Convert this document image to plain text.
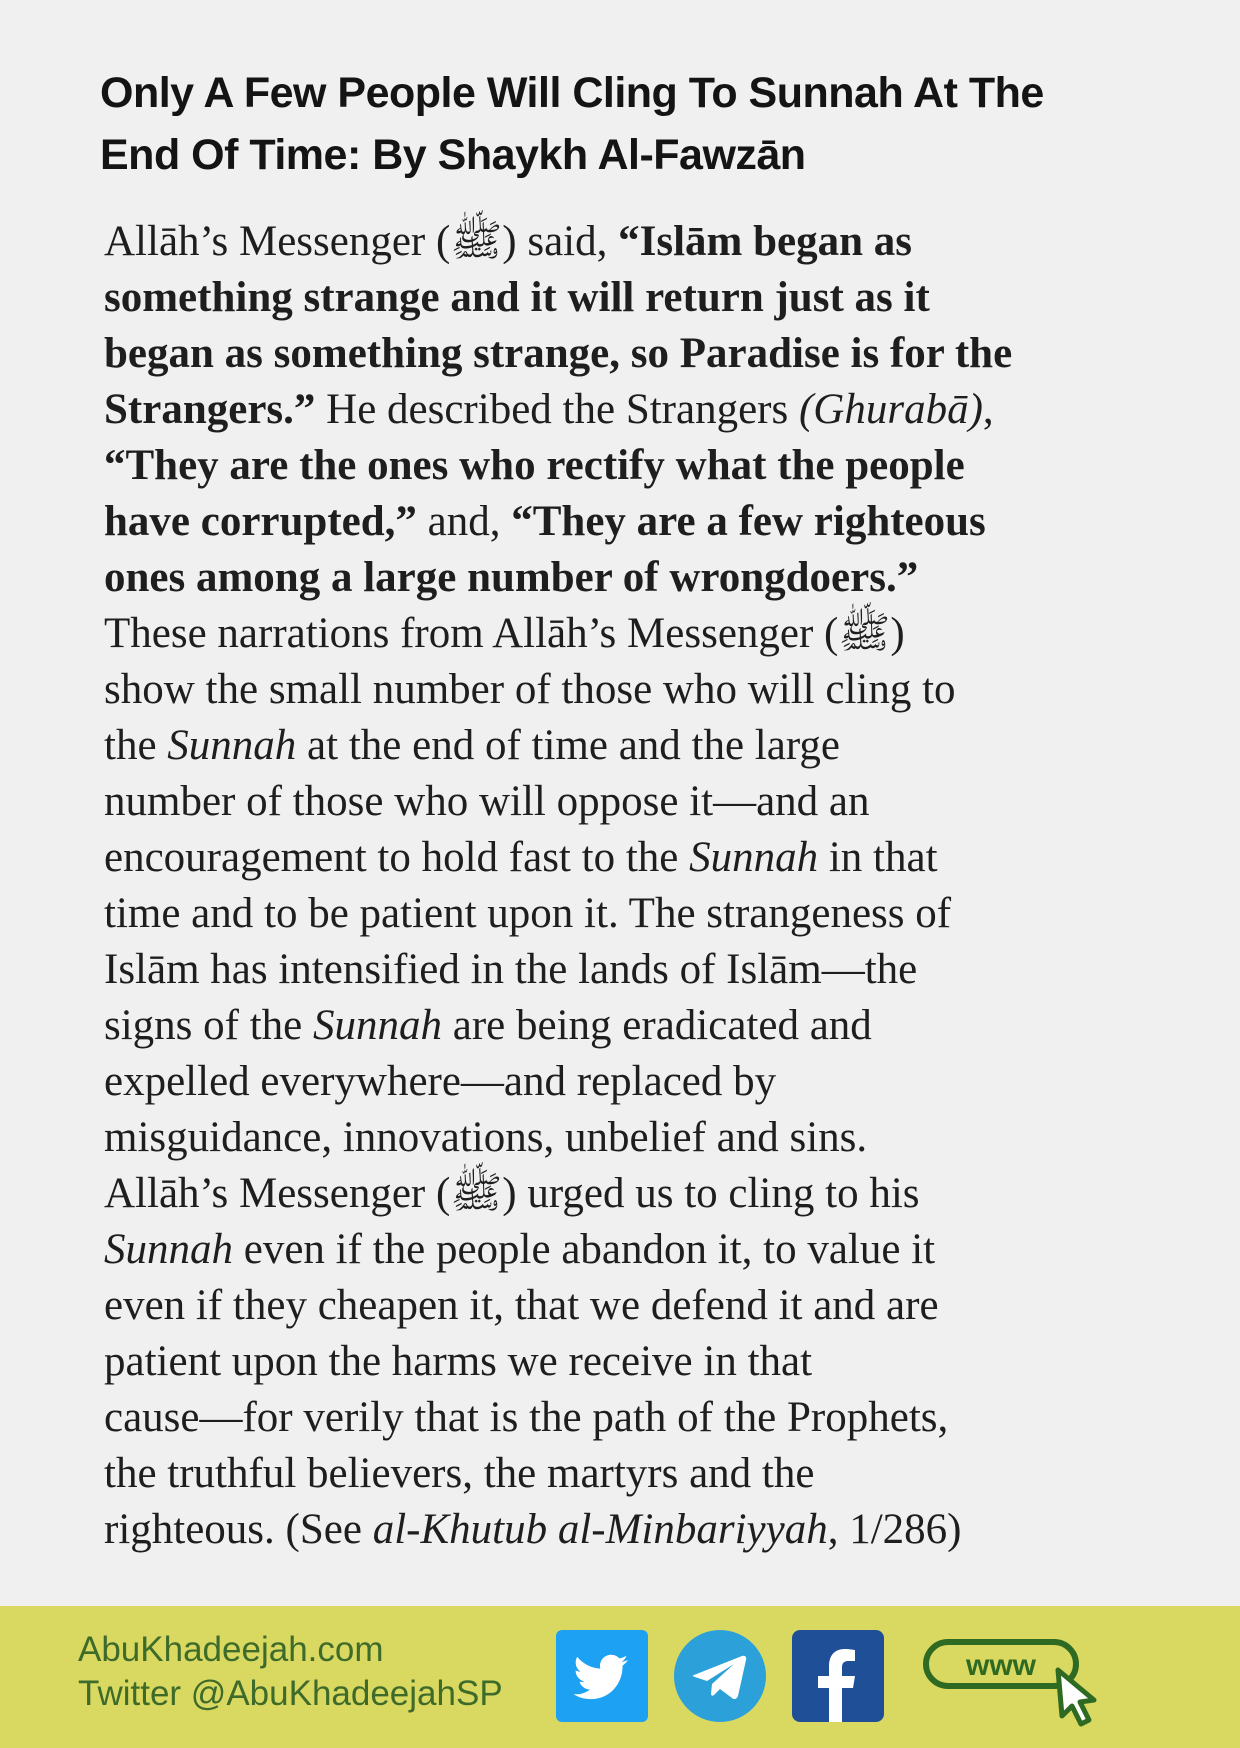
Only A Few People Will Cling To Sunnah At The
End Of Time: By Shaykh Al-Fawzān
Allāh’s Messenger (ﷺ) said, “Islām began as
something strange and it will return just as it
began as something strange, so Paradise is for the
Strangers.” He described the Strangers (Ghurabā),
“They are the ones who rectify what the people
have corrupted,” and, “They are a few righteous
ones among a large number of wrongdoers.”
These narrations from Allāh’s Messenger (ﷺ)
show the small number of those who will cling to
the Sunnah at the end of time and the large
number of those who will oppose it—and an
encouragement to hold fast to the Sunnah in that
time and to be patient upon it. The strangeness of
Islām has intensified in the lands of Islām—the
signs of the Sunnah are being eradicated and
expelled everywhere—and replaced by
misguidance, innovations, unbelief and sins.
Allāh’s Messenger (ﷺ) urged us to cling to his
Sunnah even if the people abandon it, to value it
even if they cheapen it, that we defend it and are
patient upon the harms we receive in that
cause—for verily that is the path of the Prophets,
the truthful believers, the martyrs and the
righteous. (See al-Khutub al-Minbariyyah, 1/286)
AbuKhadeejah.com
Twitter @AbuKhadeejahSP
www
